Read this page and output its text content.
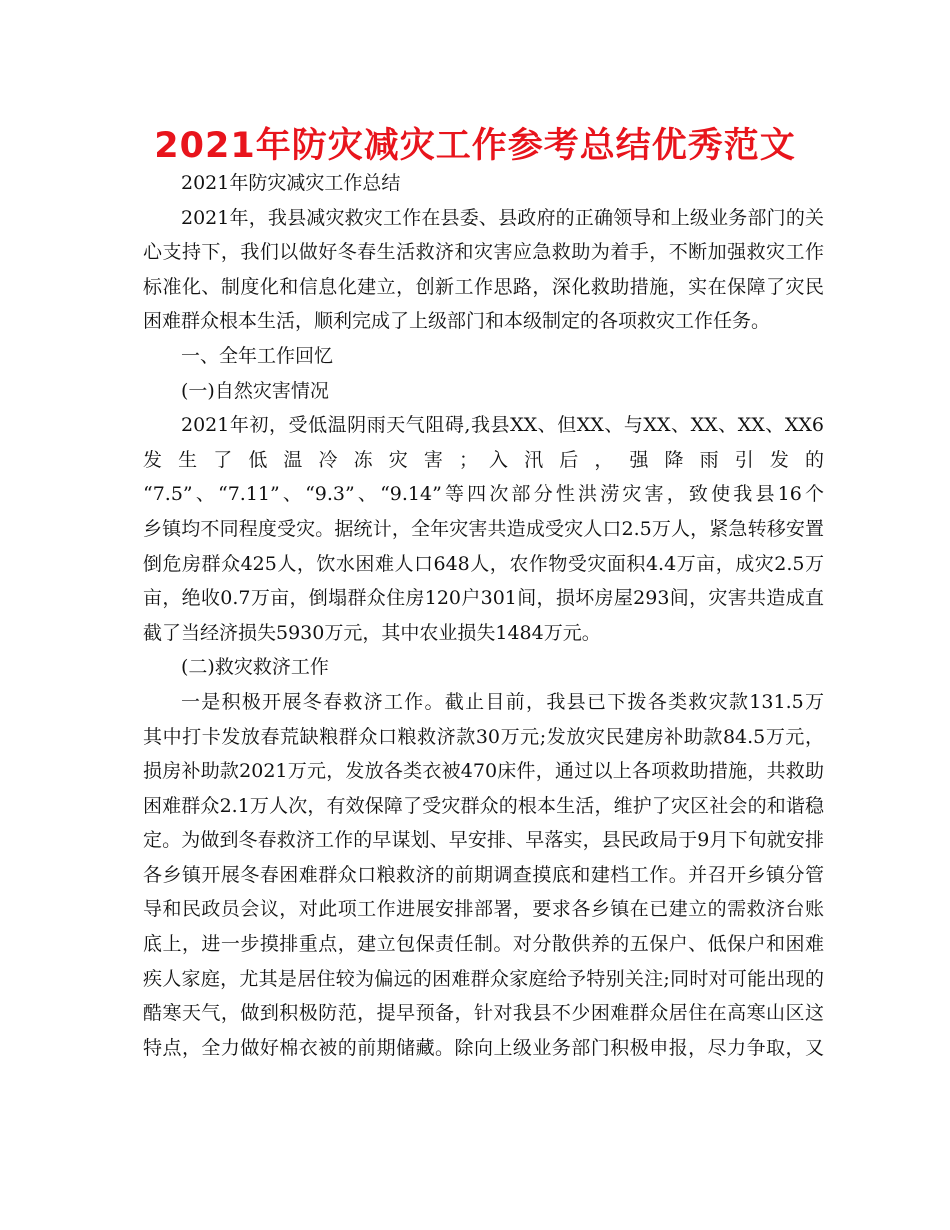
2021年防灾减灾工作参考总结优秀范文
2021年防灾减灾工作总结
2021年，我县减灾救灾工作在县委、县政府的正确领导和上级业务部门的关
心支持下，我们以做好冬春生活救济和灾害应急救助为着手，不断加强救灾工作
标准化、制度化和信息化建立，创新工作思路，深化救助措施，实在保障了灾民
困难群众根本生活，顺利完成了上级部门和本级制定的各项救灾工作任务。
一、全年工作回忆
(一)自然灾害情况
2021年初，受低温阴雨天气阻碍,我县XX、但XX、与XX、XX、XX、XX6
发 生 了 低 温 冷 冻 灾 害 ； 入 汛 后 ， 强 降 雨 引 发 的
“7.5”、“7.11”、“9.3”、“9.14”等四次部分性洪涝灾害，致使我县16个
乡镇均不同程度受灾。据统计，全年灾害共造成受灾人口2.5万人，紧急转移安置
倒危房群众425人，饮水困难人口648人，农作物受灾面积4.4万亩，成灾2.5万
亩，绝收0.7万亩，倒塌群众住房120户301间，损坏房屋293间，灾害共造成直
截了当经济损失5930万元，其中农业损失1484万元。
(二)救灾救济工作
一是积极开展冬春救济工作。截止目前，我县已下拨各类救灾款131.5万
其中打卡发放春荒缺粮群众口粮救济款30万元;发放灾民建房补助款84.5万元，
损房补助款2021万元，发放各类衣被470床件，通过以上各项救助措施，共救助
困难群众2.1万人次，有效保障了受灾群众的根本生活，维护了灾区社会的和谐稳
定。为做到冬春救济工作的早谋划、早安排、早落实，县民政局于9月下旬就安排
各乡镇开展冬春困难群众口粮救济的前期调查摸底和建档工作。并召开乡镇分管
导和民政员会议，对此项工作进展安排部署，要求各乡镇在已建立的需救济台账
底上，进一步摸排重点，建立包保责任制。对分散供养的五保户、低保户和困难
疾人家庭，尤其是居住较为偏远的困难群众家庭给予特别关注;同时对可能出现的
酷寒天气，做到积极防范，提早预备，针对我县不少困难群众居住在高寒山区这
特点，全力做好棉衣被的前期储藏。除向上级业务部门积极申报，尽力争取，又
